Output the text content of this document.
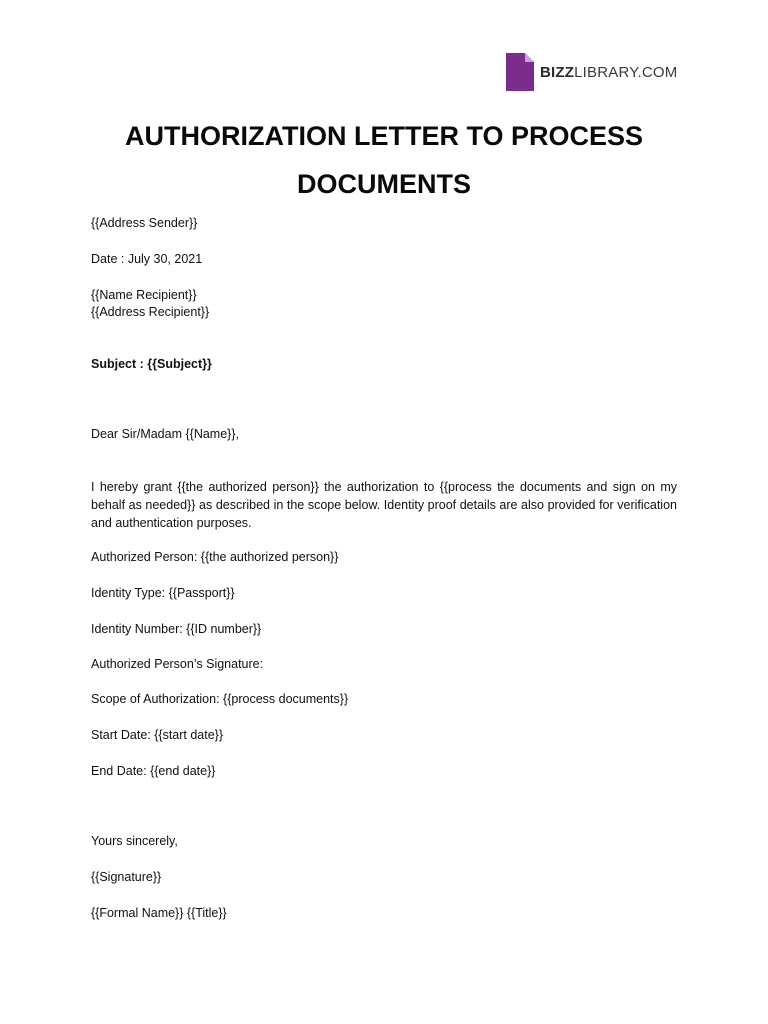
BIZZLIBRARY.COM
AUTHORIZATION LETTER TO PROCESS
DOCUMENTS

{{Address Sender}}

Date : July 30, 2021

{{Name Recipient}}

{{Address Recipient}}

Subject : {{Subject}}

Dear Sir/Madam {{Name}},

I hereby grant {{the authorized person}} the authorization to {{process the documents and sign on my behalf as needed}} as described in the scope below. Identity proof details are also provided for verification and authentication purposes.

Authorized Person: {{the authorized person}}

Identity Type: {{Passport}}

Identity Number: {{ID number}}

Authorized Person’s Signature:

Scope of Authorization: {{process documents}}

Start Date: {{start date}}

End Date: {{end date}}

Yours sincerely,

{{Signature}}

{{Formal Name}} {{Title}}
